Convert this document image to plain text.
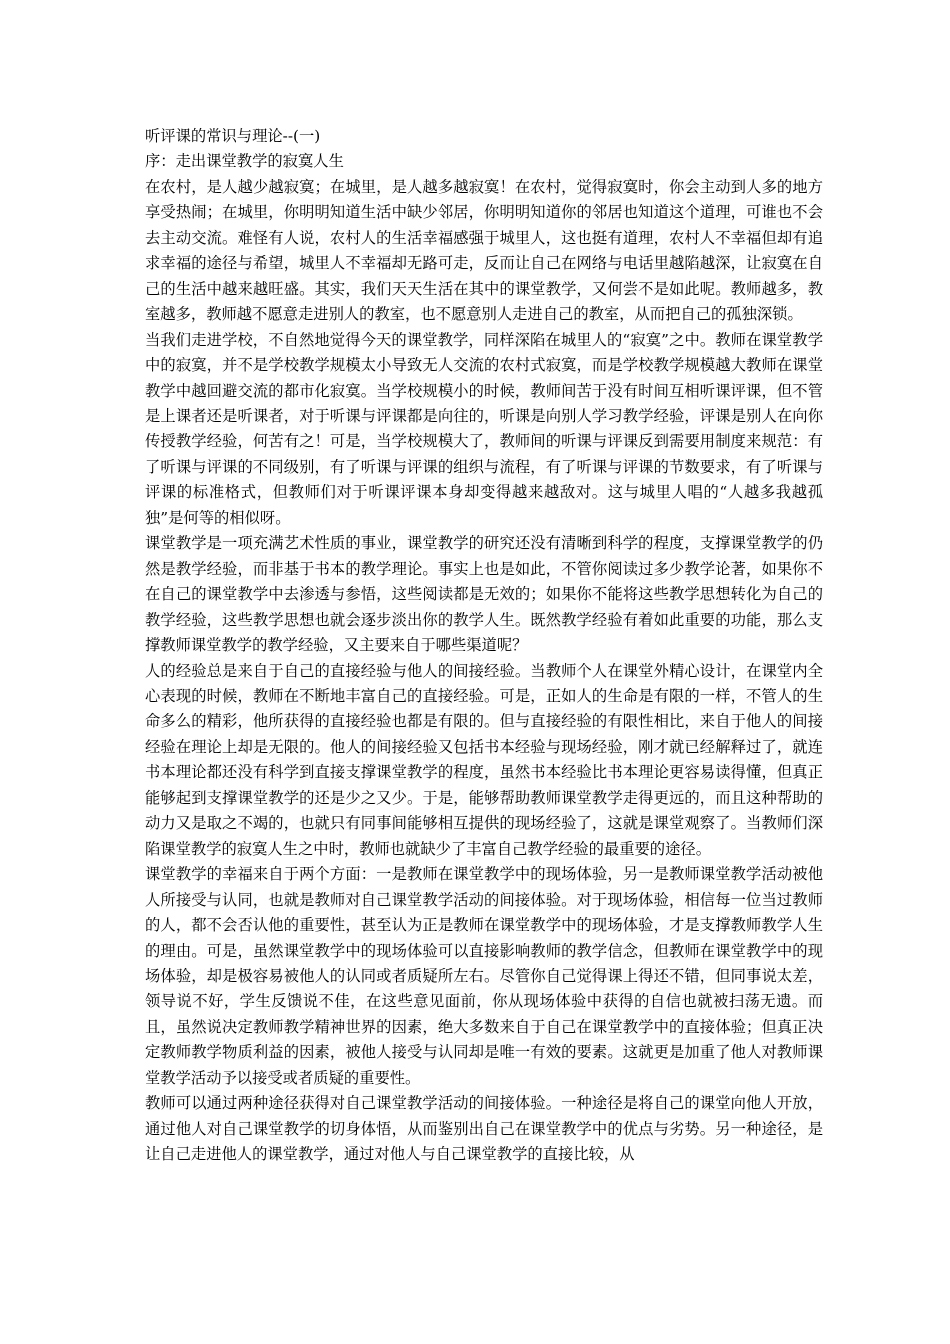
听评课的常识与理论--(一)
序：走出课堂教学的寂寞人生

在农村，是人越少越寂寞；在城里，是人越多越寂寞！在农村，觉得寂寞时，你会主动到人多的地方享受热闹；在城里，你明明知道生活中缺少邻居，你明明知道你的邻居也知道这个道理，可谁也不会去主动交流。难怪有人说，农村人的生活幸福感强于城里人，这也挺有道理，农村人不幸福但却有追求幸福的途径与希望，城里人不幸福却无路可走，反而让自己在网络与电话里越陷越深，让寂寞在自己的生活中越来越旺盛。其实，我们天天生活在其中的课堂教学，又何尝不是如此呢。教师越多，教室越多，教师越不愿意走进别人的教室，也不愿意别人走进自己的教室，从而把自己的孤独深锁。

当我们走进学校，不自然地觉得今天的课堂教学，同样深陷在城里人的“寂寞”之中。教师在课堂教学中的寂寞，并不是学校教学规模太小导致无人交流的农村式寂寞，而是学校教学规模越大教师在课堂教学中越回避交流的都市化寂寞。当学校规模小的时候，教师间苦于没有时间互相听课评课，但不管是上课者还是听课者，对于听课与评课都是向往的，听课是向别人学习教学经验，评课是别人在向你传授教学经验，何苦有之！可是，当学校规模大了，教师间的听课与评课反到需要用制度来规范：有了听课与评课的不同级别，有了听课与评课的组织与流程，有了听课与评课的节数要求，有了听课与评课的标准格式，但教师们对于听课评课本身却变得越来越敌对。这与城里人唱的“人越多我越孤独”是何等的相似呀。

课堂教学是一项充满艺术性质的事业，课堂教学的研究还没有清晰到科学的程度，支撑课堂教学的仍然是教学经验，而非基于书本的教学理论。事实上也是如此，不管你阅读过多少教学论著，如果你不在自己的课堂教学中去渗透与参悟，这些阅读都是无效的；如果你不能将这些教学思想转化为自己的教学经验，这些教学思想也就会逐步淡出你的教学人生。既然教学经验有着如此重要的功能，那么支撑教师课堂教学的教学经验，又主要来自于哪些渠道呢？

人的经验总是来自于自己的直接经验与他人的间接经验。当教师个人在课堂外精心设计，在课堂内全心表现的时候，教师在不断地丰富自己的直接经验。可是，正如人的生命是有限的一样，不管人的生命多么的精彩，他所获得的直接经验也都是有限的。但与直接经验的有限性相比，来自于他人的间接经验在理论上却是无限的。他人的间接经验又包括书本经验与现场经验，刚才就已经解释过了，就连书本理论都还没有科学到直接支撑课堂教学的程度，虽然书本经验比书本理论更容易读得懂，但真正能够起到支撑课堂教学的还是少之又少。于是，能够帮助教师课堂教学走得更远的，而且这种帮助的动力又是取之不竭的，也就只有同事间能够相互提供的现场经验了，这就是课堂观察了。当教师们深陷课堂教学的寂寞人生之中时，教师也就缺少了丰富自己教学经验的最重要的途径。

课堂教学的幸福来自于两个方面：一是教师在课堂教学中的现场体验，另一是教师课堂教学活动被他人所接受与认同，也就是教师对自己课堂教学活动的间接体验。对于现场体验，相信每一位当过教师的人，都不会否认他的重要性，甚至认为正是教师在课堂教学中的现场体验，才是支撑教师教学人生的理由。可是，虽然课堂教学中的现场体验可以直接影响教师的教学信念，但教师在课堂教学中的现场体验，却是极容易被他人的认同或者质疑所左右。尽管你自己觉得课上得还不错，但同事说太差，领导说不好，学生反馈说不佳，在这些意见面前，你从现场体验中获得的自信也就被扫荡无遗。而且，虽然说决定教师教学精神世界的因素，绝大多数来自于自己在课堂教学中的直接体验；但真正决定教师教学物质利益的因素，被他人接受与认同却是唯一有效的要素。这就更是加重了他人对教师课堂教学活动予以接受或者质疑的重要性。

教师可以通过两种途径获得对自己课堂教学活动的间接体验。一种途径是将自己的课堂向他人开放，通过他人对自己课堂教学的切身体悟，从而鉴别出自己在课堂教学中的优点与劣势。另一种途径，是让自己走进他人的课堂教学，通过对他人与自己课堂教学的直接比较，从
